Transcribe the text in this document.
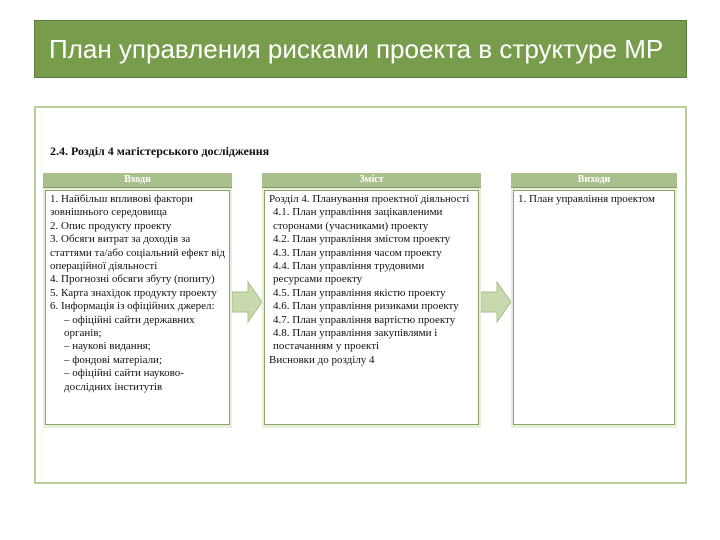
План управления рисками проекта в структуре МР
2.4. Розділ 4 магістерського дослідження
Входи
1. Найбільш впливові фактори зовнішнього середовища
2. Опис продукту проекту
3. Обсяги витрат за доходів за статтями та/або соціальний ефект від операційної діяльності
4. Прогнозні обсяги збуту (попиту)
5. Карта знахідок продукту проекту
6. Інформація із офіційних джерел:
– офіційні сайти державних органів;
– наукові видання;
– фондові матеріали;
– офіційні сайти науково-дослідних інститутів
Зміст
Розділ 4. Планування проектної діяльності
4.1. План управління зацікавленими сторонами (учасниками) проекту
4.2. План управління змістом проекту
4.3. План управління часом проекту
4.4. План управління трудовими ресурсами проекту
4.5. План управління якістю проекту
4.6. План управління ризиками проекту
4.7. План управління вартістю проекту
4.8. План управління закупівлями і постачанням у проекті
Висновки до розділу 4
Виходи
1. План управління проектом
